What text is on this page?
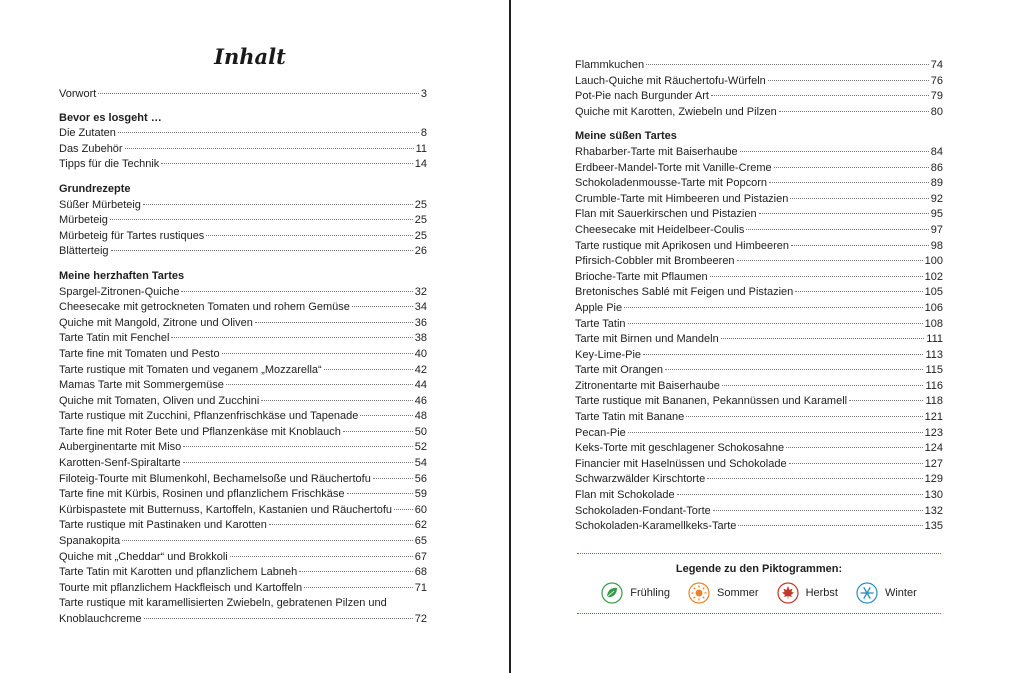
Inhalt
Vorwort	3
Bevor es losgeht …
Die Zutaten	8
Das Zubehör	11
Tipps für die Technik	14
Grundrezepte
Süßer Mürbeteig	25
Mürbeteig	25
Mürbeteig für Tartes rustiques	25
Blätterteig	26
Meine herzhaften Tartes
Spargel-Zitronen-Quiche	32
Cheesecake mit getrockneten Tomaten und rohem Gemüse	34
Quiche mit Mangold, Zitrone und Oliven	36
Tarte Tatin mit Fenchel	38
Tarte fine mit Tomaten und Pesto	40
Tarte rustique mit Tomaten und veganem „Mozzarella“	42
Mamas Tarte mit Sommergemüse	44
Quiche mit Tomaten, Oliven und Zucchini	46
Tarte rustique mit Zucchini, Pflanzenfrischkäse und Tapenade	48
Tarte fine mit Roter Bete und Pflanzenkäse mit Knoblauch	50
Auberginentarte mit Miso	52
Karotten-Senf-Spiraltarte	54
Filoteig-Tourte mit Blumenkohl, Bechamelsoße und Räuchertofu	56
Tarte fine mit Kürbis, Rosinen und pflanzlichem Frischkäse	59
Kürbispastete mit Butternuss, Kartoffeln, Kastanien und Räuchertofu 60
Tarte rustique mit Pastinaken und Karotten	62
Spanakopita	65
Quiche mit „Cheddar“ und Brokkoli	67
Tarte Tatin mit Karotten und pflanzlichem Labneh	68
Tourte mit pflanzlichem Hackfleisch und Kartoffeln	71
Tarte rustique mit karamellisierten Zwiebeln, gebratenen Pilzen und
Knoblauchcreme	72
Flammkuchen	74
Lauch-Quiche mit Räuchertofu-Würfeln	76
Pot-Pie nach Burgunder Art	79
Quiche mit Karotten, Zwiebeln und Pilzen	80
Meine süßen Tartes
Rhabarber-Tarte mit Baiserhaube	84
Erdbeer-Mandel-Torte mit Vanille-Creme	86
Schokoladenmousse-Tarte mit Popcorn	89
Crumble-Tarte mit Himbeeren und Pistazien	92
Flan mit Sauerkirschen und Pistazien	95
Cheesecake mit Heidelbeer-Coulis	97
Tarte rustique mit Aprikosen und Himbeeren	98
Pfirsich-Cobbler mit Brombeeren	100
Brioche-Tarte mit Pflaumen	102
Bretonisches Sablé mit Feigen und Pistazien	105
Apple Pie	106
Tarte Tatin	108
Tarte mit Birnen und Mandeln	111
Key-Lime-Pie	113
Tarte mit Orangen	115
Zitronentarte mit Baiserhaube	116
Tarte rustique mit Bananen, Pekannüssen und Karamell	118
Tarte Tatin mit Banane	121
Pecan-Pie	123
Keks-Torte mit geschlagener Schokosahne	124
Financier mit Haselnüssen und Schokolade	127
Schwarzwälder Kirschtorte	129
Flan mit Schokolade	130
Schokoladen-Fondant-Torte	132
Schokoladen-Karamellkeks-Tarte	135
Legende zu den Piktogrammen:
Frühling	Sommer	Herbst	Winter
